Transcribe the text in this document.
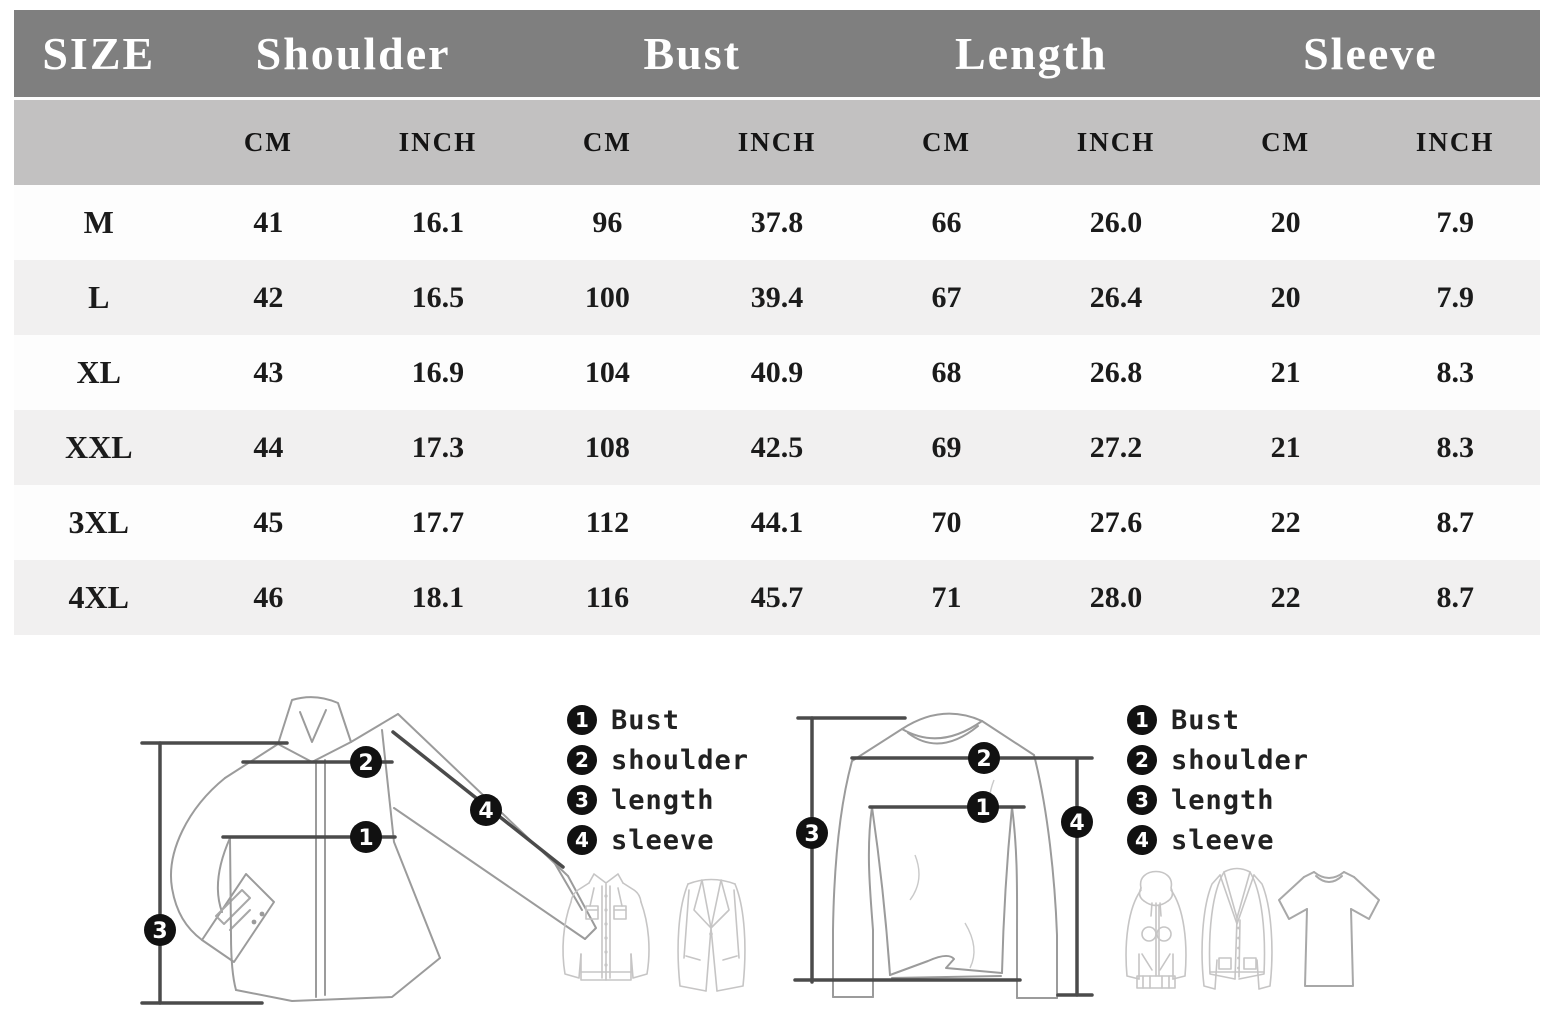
SIZE	Shoulder		Bust		Length		Sleeve	
	CM	INCH	CM	INCH	CM	INCH	CM	INCH
M	41	16.1	96	37.8	66	26.0	20	7.9
L	42	16.5	100	39.4	67	26.4	20	7.9
XL	43	16.9	104	40.9	68	26.8	21	8.3
XXL	44	17.3	108	42.5	69	27.2	21	8.3
3XL	45	17.7	112	44.1	70	27.6	22	8.7
4XL	46	18.1	116	45.7	71	28.0	22	8.7
3
2
1
4
1 Bust
2 shoulder
3 length
4 sleeve	3
2
1
4
1 Bust
2 shoulder
3 length
4 sleeve
